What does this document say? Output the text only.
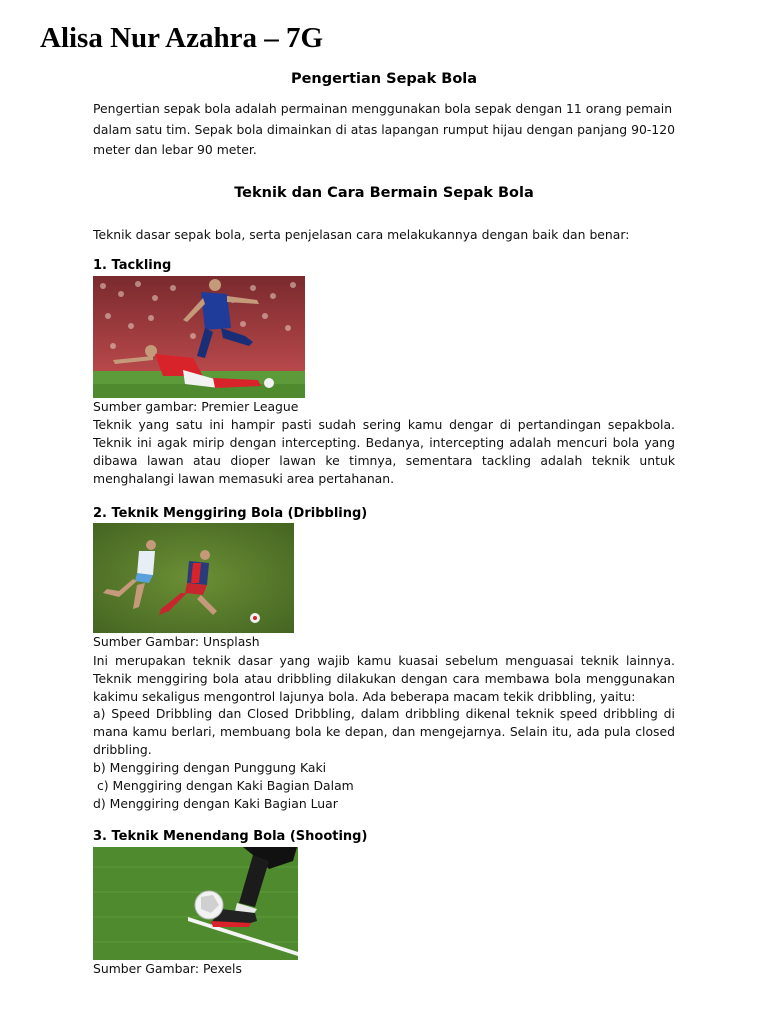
Alisa Nur Azahra – 7G
Pengertian Sepak Bola

Pengertian sepak bola adalah permainan menggunakan bola sepak dengan 11 orang pemain dalam satu tim. Sepak bola dimainkan di atas lapangan rumput hijau dengan panjang 90-120 meter dan lebar 90 meter.

Teknik dan Cara Bermain Sepak Bola

Teknik dasar sepak bola, serta penjelasan cara melakukannya dengan baik dan benar:

1. Tackling

Sumber gambar: Premier League

Teknik yang satu ini hampir pasti sudah sering kamu dengar di pertandingan sepakbola. Teknik ini agak mirip dengan intercepting. Bedanya, intercepting adalah mencuri bola yang dibawa lawan atau dioper lawan ke timnya, sementara tackling adalah teknik untuk menghalangi lawan memasuki area pertahanan.

2. Teknik Menggiring Bola (Dribbling)

Sumber Gambar: Unsplash

Ini merupakan teknik dasar yang wajib kamu kuasai sebelum menguasai teknik lainnya. Teknik menggiring bola atau dribbling dilakukan dengan cara membawa bola menggunakan kakimu sekaligus mengontrol lajunya bola. Ada beberapa macam tekik dribbling, yaitu:

a) Speed Dribbling dan Closed Dribbling, dalam dribbling dikenal teknik speed dribbling di mana kamu berlari, membuang bola ke depan, dan mengejarnya. Selain itu, ada pula closed dribbling.
b) Menggiring dengan Punggung Kaki
c) Menggiring dengan Kaki Bagian Dalam
d) Menggiring dengan Kaki Bagian Luar
3. Teknik Menendang Bola (Shooting)

Sumber Gambar: Pexels
